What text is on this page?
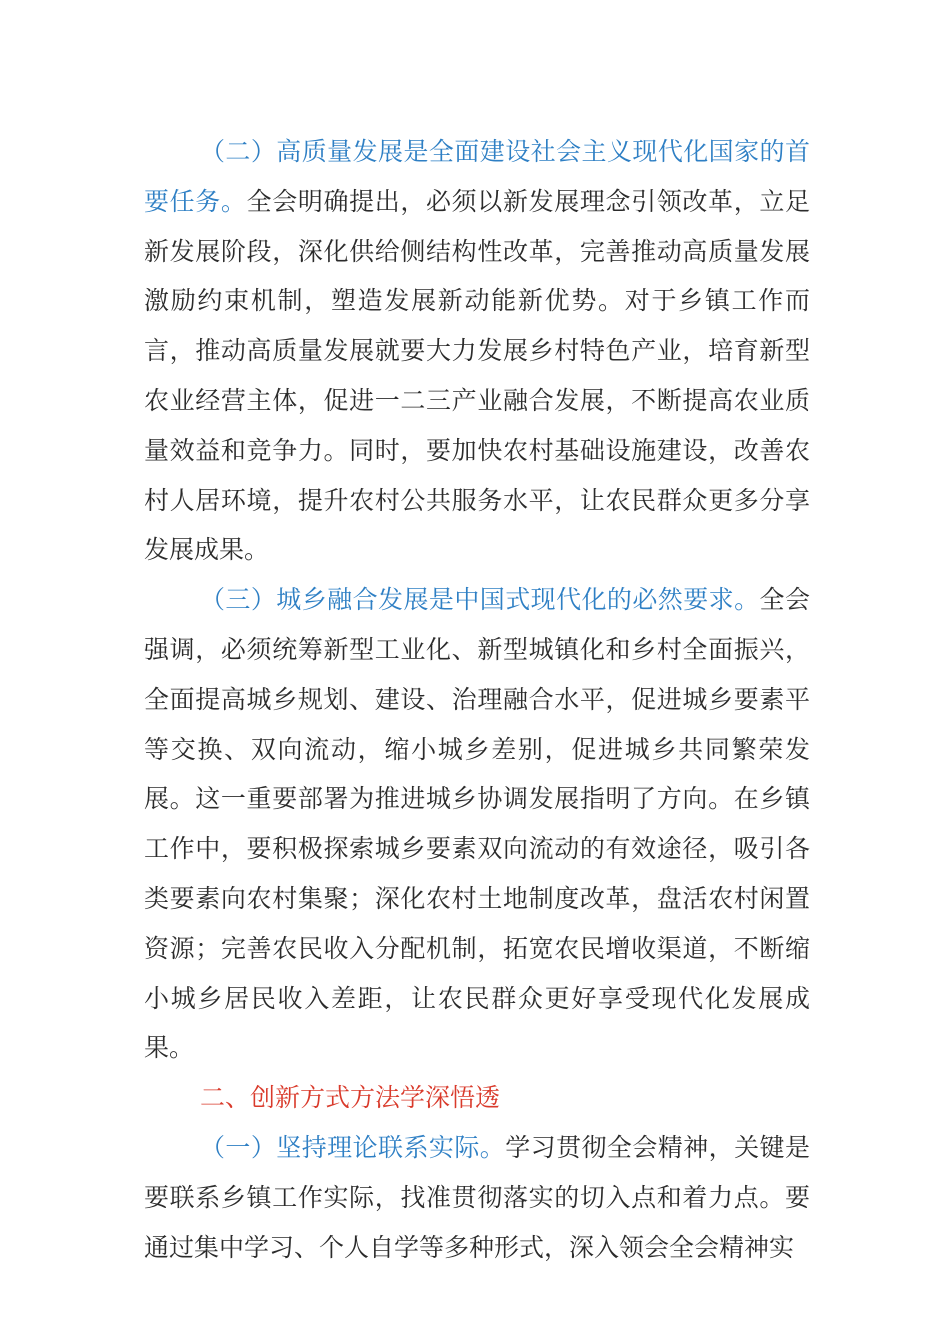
（二）高质量发展是全面建设社会主义现代化国家的首要任务。全会明确提出，必须以新发展理念引领改革，立足新发展阶段，深化供给侧结构性改革，完善推动高质量发展激励约束机制，塑造发展新动能新优势。对于乡镇工作而言，推动高质量发展就要大力发展乡村特色产业，培育新型农业经营主体，促进一二三产业融合发展，不断提高农业质量效益和竞争力。同时，要加快农村基础设施建设，改善农村人居环境，提升农村公共服务水平，让农民群众更多分享发展成果。

（三）城乡融合发展是中国式现代化的必然要求。全会强调，必须统筹新型工业化、新型城镇化和乡村全面振兴，全面提高城乡规划、建设、治理融合水平，促进城乡要素平等交换、双向流动，缩小城乡差别，促进城乡共同繁荣发展。这一重要部署为推进城乡协调发展指明了方向。在乡镇工作中，要积极探索城乡要素双向流动的有效途径，吸引各类要素向农村集聚；深化农村土地制度改革，盘活农村闲置资源；完善农民收入分配机制，拓宽农民增收渠道，不断缩小城乡居民收入差距，让农民群众更好享受现代化发展成果。

二、创新方式方法学深悟透

（一）坚持理论联系实际。学习贯彻全会精神，关键是要联系乡镇工作实际，找准贯彻落实的切入点和着力点。要通过集中学习、个人自学等多种形式，深入领会全会精神实
